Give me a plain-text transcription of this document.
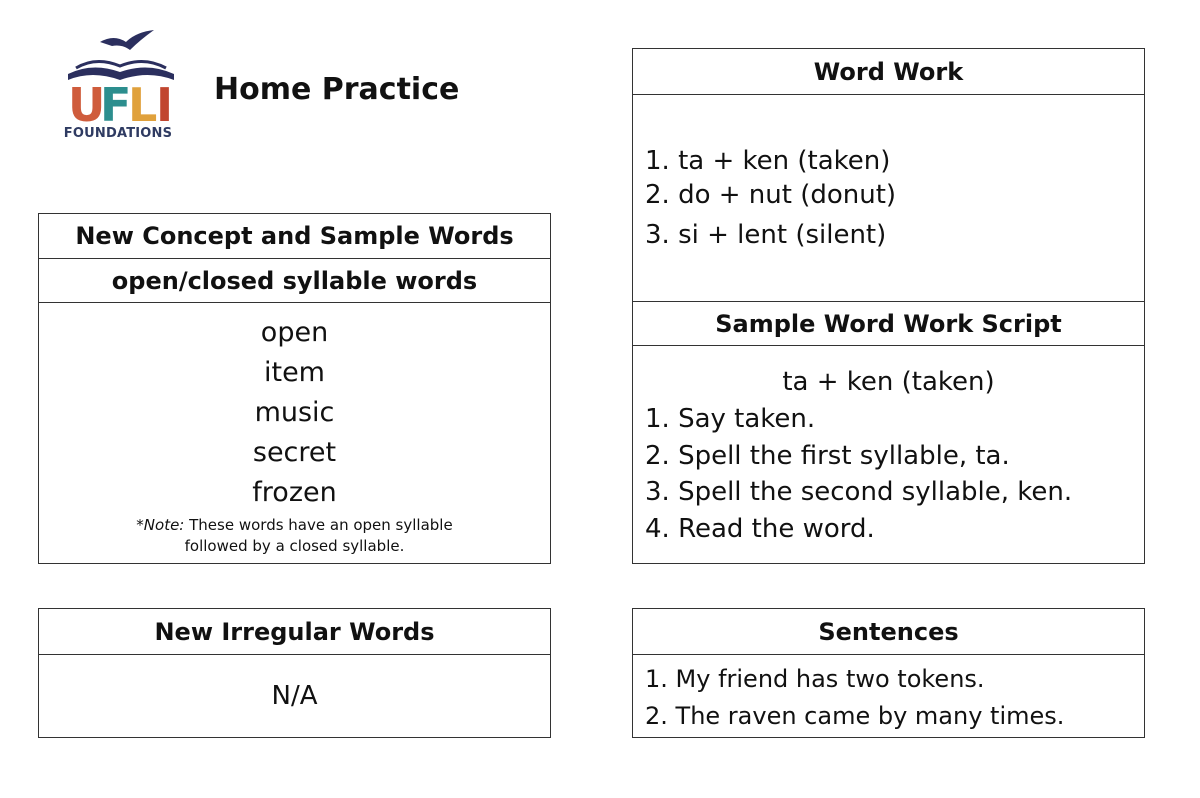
U
F
L
I
FOUNDATIONS
Home Practice
New Concept and Sample Words
open/closed syllable words
open
item
music
secret
frozen
*Note: These words have an open syllable
followed by a closed syllable.
New Irregular Words
N/A
Word Work
1. ta + ken (taken)
2. do + nut (donut)
3. si + lent (silent)
Sample Word Work Script
ta + ken (taken)
1. Say taken.
2. Spell the first syllable, ta.
3. Spell the second syllable, ken.
4. Read the word.
Sentences
1. My friend has two tokens.
2. The raven came by many times.
